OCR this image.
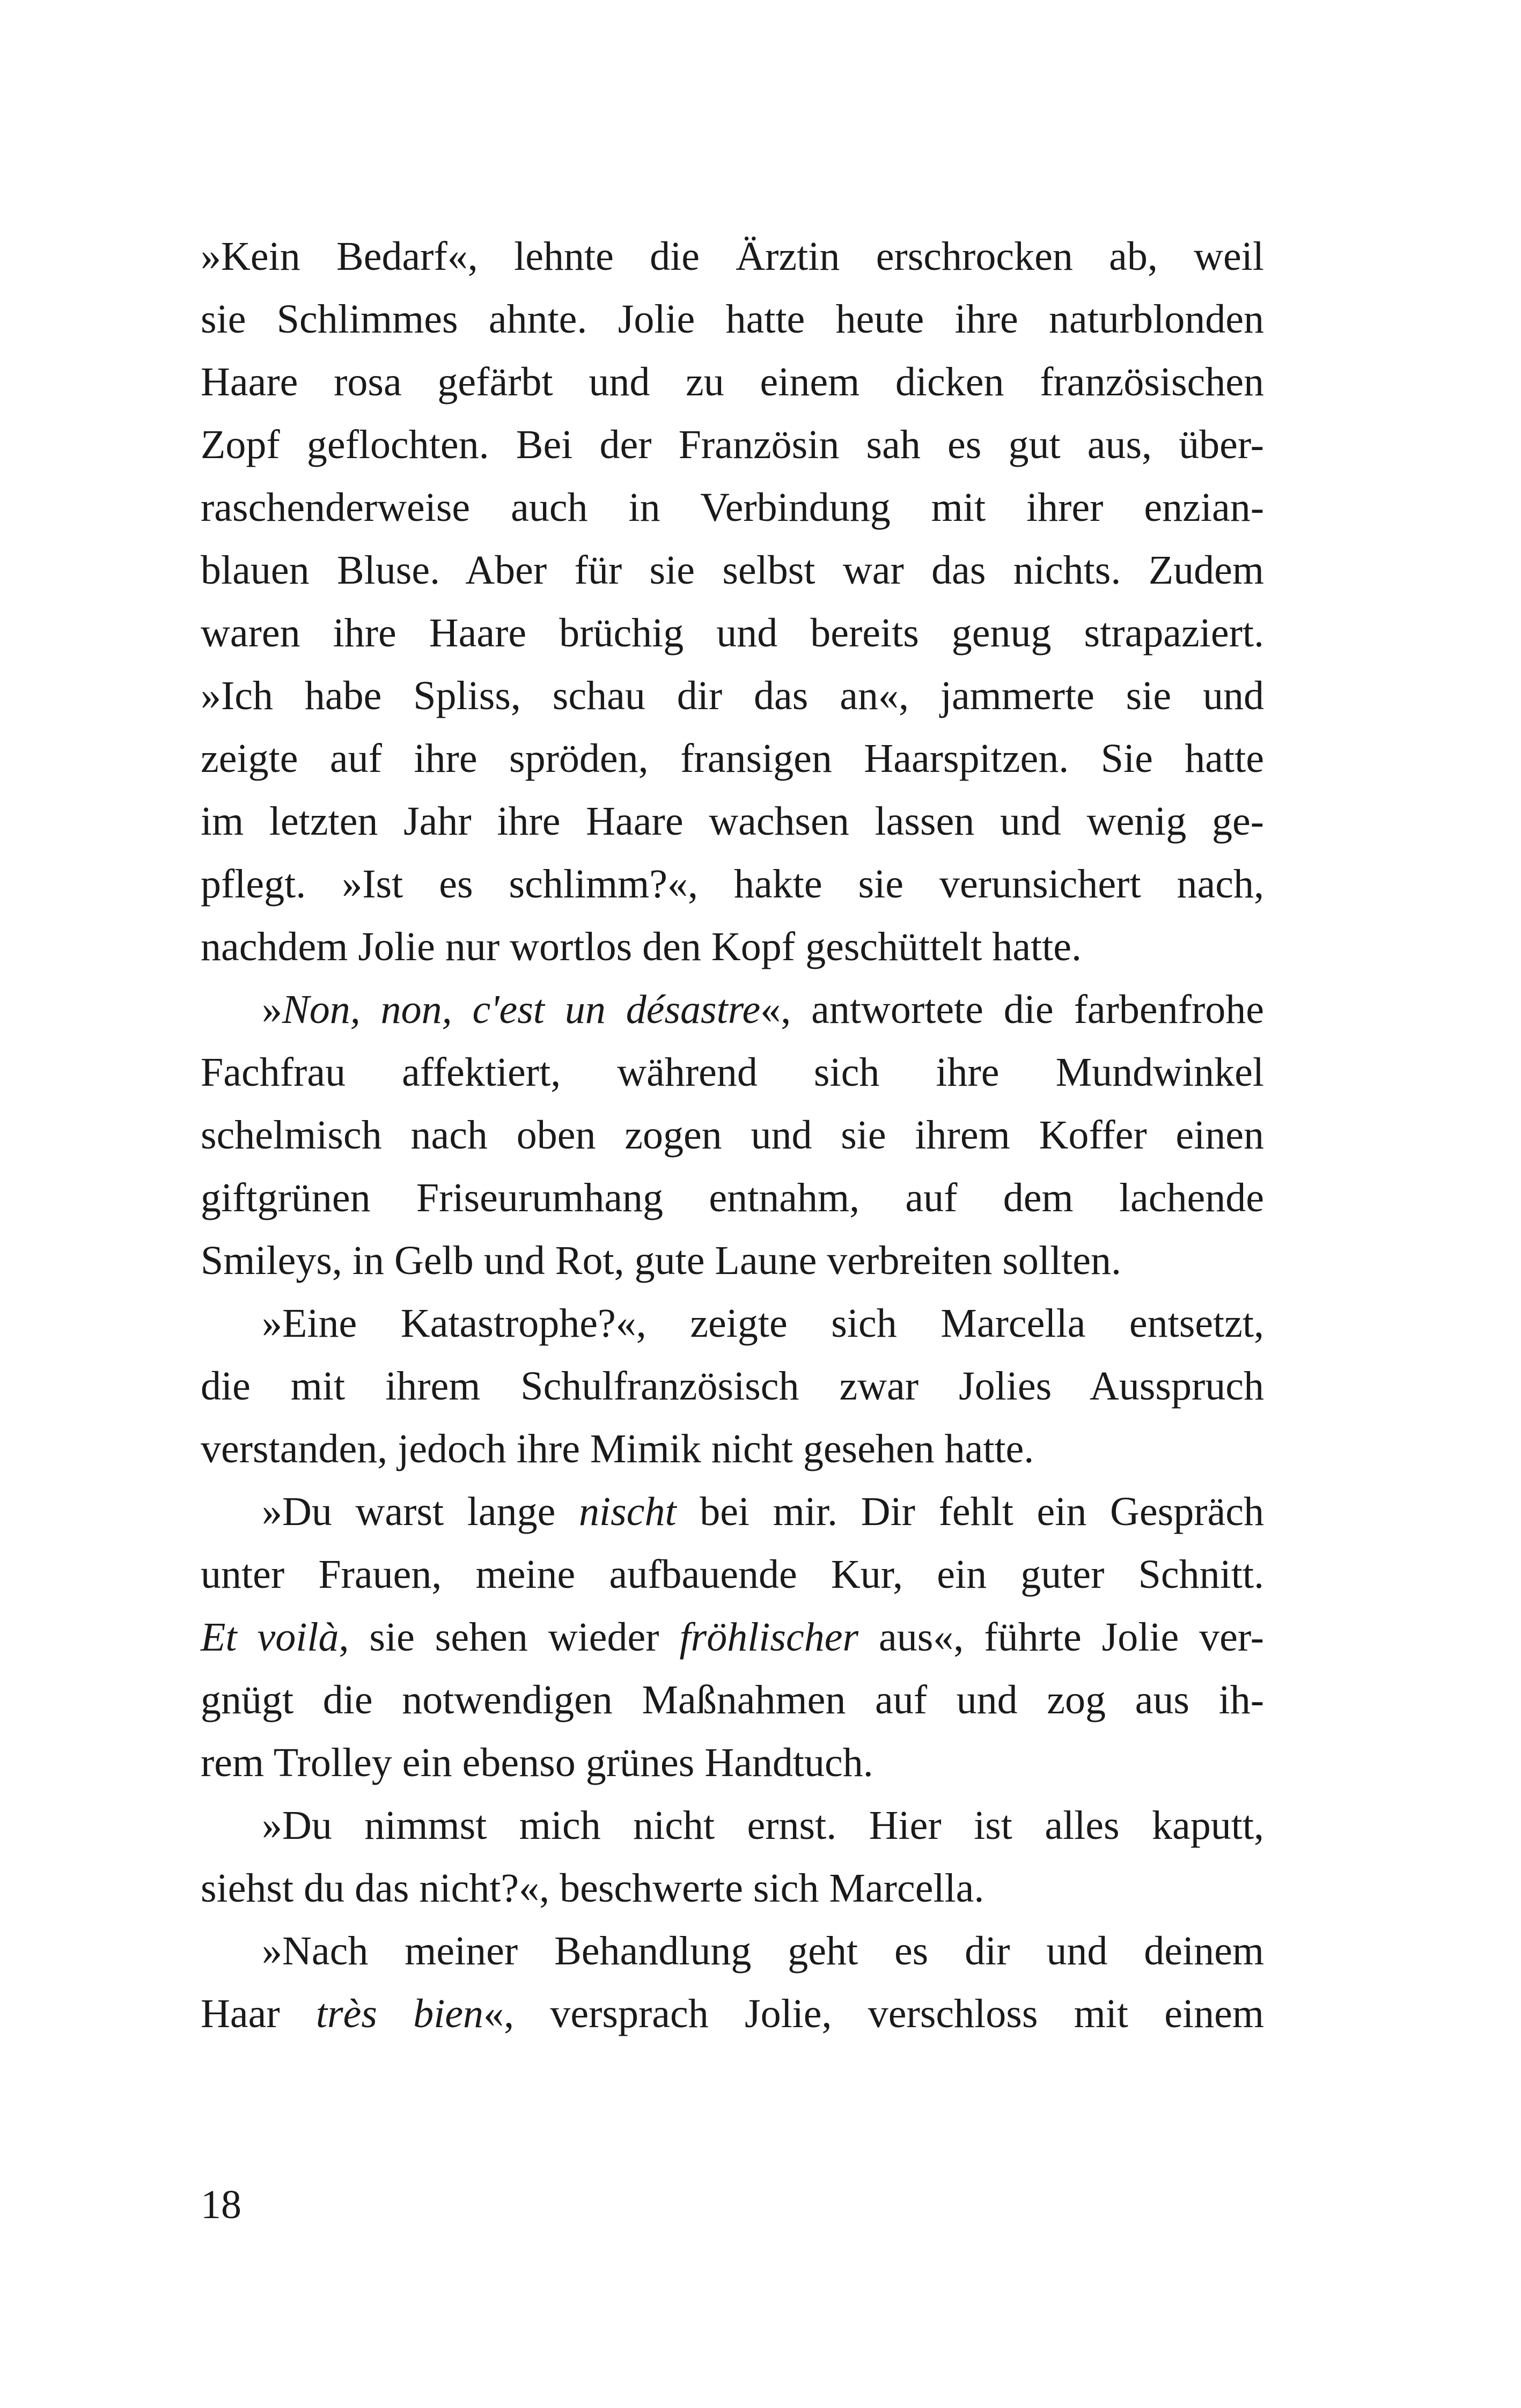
»Kein Bedarf«, lehnte die Ärztin erschrocken ab, weil
sie Schlimmes ahnte. Jolie hatte heute ihre naturblonden
Haare rosa gefärbt und zu einem dicken französischen
Zopf geflochten. Bei der Französin sah es gut aus, über-
raschenderweise auch in Verbindung mit ihrer enzian-
blauen Bluse. Aber für sie selbst war das nichts. Zudem
waren ihre Haare brüchig und bereits genug strapaziert.
»Ich habe Spliss, schau dir das an«, jammerte sie und
zeigte auf ihre spröden, fransigen Haarspitzen. Sie hatte
im letzten Jahr ihre Haare wachsen lassen und wenig ge-
pflegt. »Ist es schlimm?«, hakte sie verunsichert nach,
nachdem Jolie nur wortlos den Kopf geschüttelt hatte.
»Non, non, c'est un désastre«, antwortete die farbenfrohe
Fachfrau affektiert, während sich ihre Mundwinkel
schelmisch nach oben zogen und sie ihrem Koffer einen
giftgrünen Friseurumhang entnahm, auf dem lachende
Smileys, in Gelb und Rot, gute Laune verbreiten sollten.
»Eine Katastrophe?«, zeigte sich Marcella entsetzt,
die mit ihrem Schulfranzösisch zwar Jolies Ausspruch
verstanden, jedoch ihre Mimik nicht gesehen hatte.
»Du warst lange nischt bei mir. Dir fehlt ein Gespräch
unter Frauen, meine aufbauende Kur, ein guter Schnitt.
Et voilà, sie sehen wieder fröhlischer aus«, führte Jolie ver-
gnügt die notwendigen Maßnahmen auf und zog aus ih-
rem Trolley ein ebenso grünes Handtuch.
»Du nimmst mich nicht ernst. Hier ist alles kaputt,
siehst du das nicht?«, beschwerte sich Marcella.
»Nach meiner Behandlung geht es dir und deinem
Haar très bien«, versprach Jolie, verschloss mit einem
18
